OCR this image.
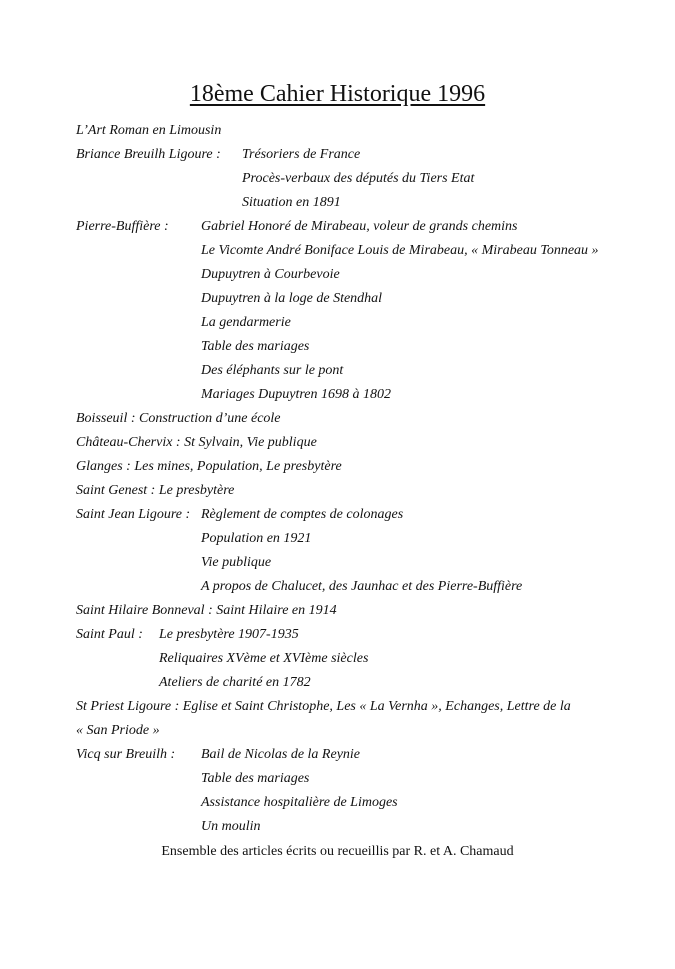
18ème Cahier Historique 1996
L’Art Roman en Limousin
Briance Breuilh Ligoure : Trésoriers de France
Procès-verbaux des députés du Tiers Etat
Situation en 1891
Pierre-Buffière : Gabriel Honoré de Mirabeau, voleur de grands chemins
Le Vicomte André Boniface Louis de Mirabeau, « Mirabeau Tonneau »
Dupuytren à Courbevoie
Dupuytren à la loge de Stendhal
La gendarmerie
Table des mariages
Des éléphants sur le pont
Mariages Dupuytren 1698 à 1802
Boisseuil : Construction d’une école
Château-Chervix : St Sylvain, Vie publique
Glanges : Les mines, Population, Le presbytère
Saint Genest : Le presbytère
Saint Jean Ligoure : Règlement de comptes de colonages
Population en 1921
Vie publique
A propos de Chalucet, des Jaunhac et des Pierre-Buffière
Saint Hilaire Bonneval : Saint Hilaire en 1914
Saint Paul : Le presbytère 1907-1935
Reliquaires XVème et XVIème siècles
Ateliers de charité en 1782
St Priest Ligoure : Eglise et Saint Christophe, Les « La Vernha », Echanges, Lettre de la
« San Priode »
Vicq sur Breuilh : Bail de Nicolas de la Reynie
Table des mariages
Assistance hospitalière de Limoges
Un moulin
Ensemble des articles écrits ou recueillis par R. et A. Chamaud
